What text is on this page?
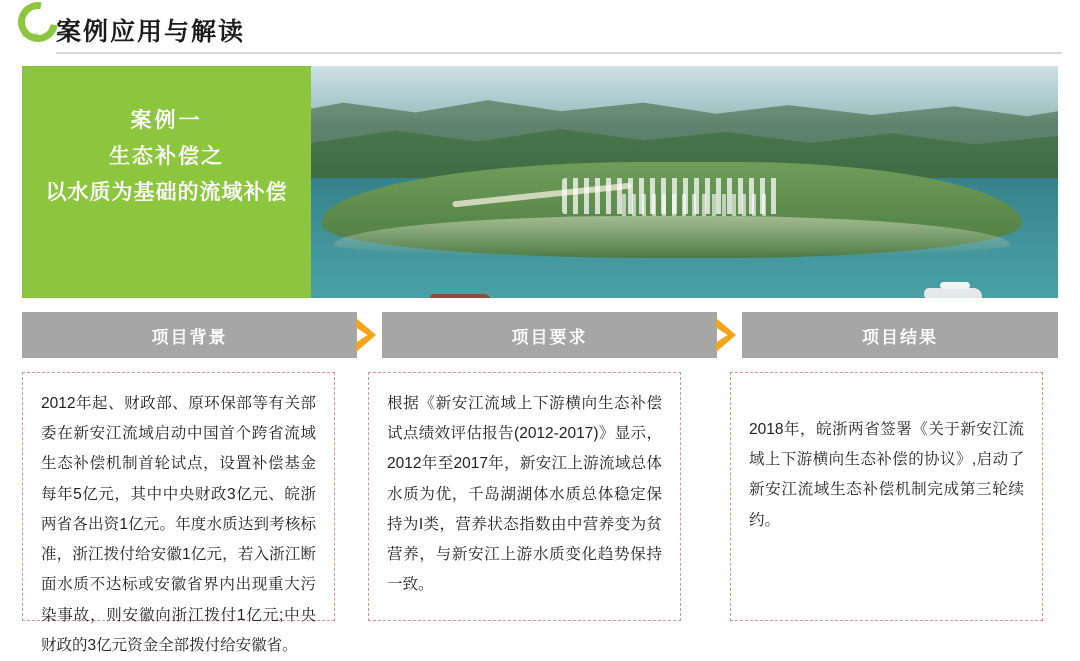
f five 案例应用与解读
案例一
生态补偿之
以水质为基础的流域补偿
项目背景	项目要求	项目结果

2012年起、财政部、原环保部等有关部委在新安江流域启动中国首个跨省流域生态补偿机制首轮试点，设置补偿基金每年5亿元，其中中央财政3亿元、皖浙两省各出资1亿元。年度水质达到考核标准，浙江拨付给安徽1亿元，若入浙江断面水质不达标或安徽省界内出现重大污染事故，则安徽向浙江拨付1亿元;中央财政的3亿元资金全部拨付给安徽省。

根据《新安江流域上下游横向生态补偿试点绩效评估报告(2012-2017)》显示，2012年至2017年，新安江上游流域总体水质为优，千岛湖湖体水质总体稳定保持为I类，营养状态指数由中营养变为贫营养，与新安江上游水质变化趋势保持一致。

2018年，皖浙两省签署《关于新安江流域上下游横向生态补偿的协议》,启动了新安江流域生态补偿机制完成第三轮续约。
